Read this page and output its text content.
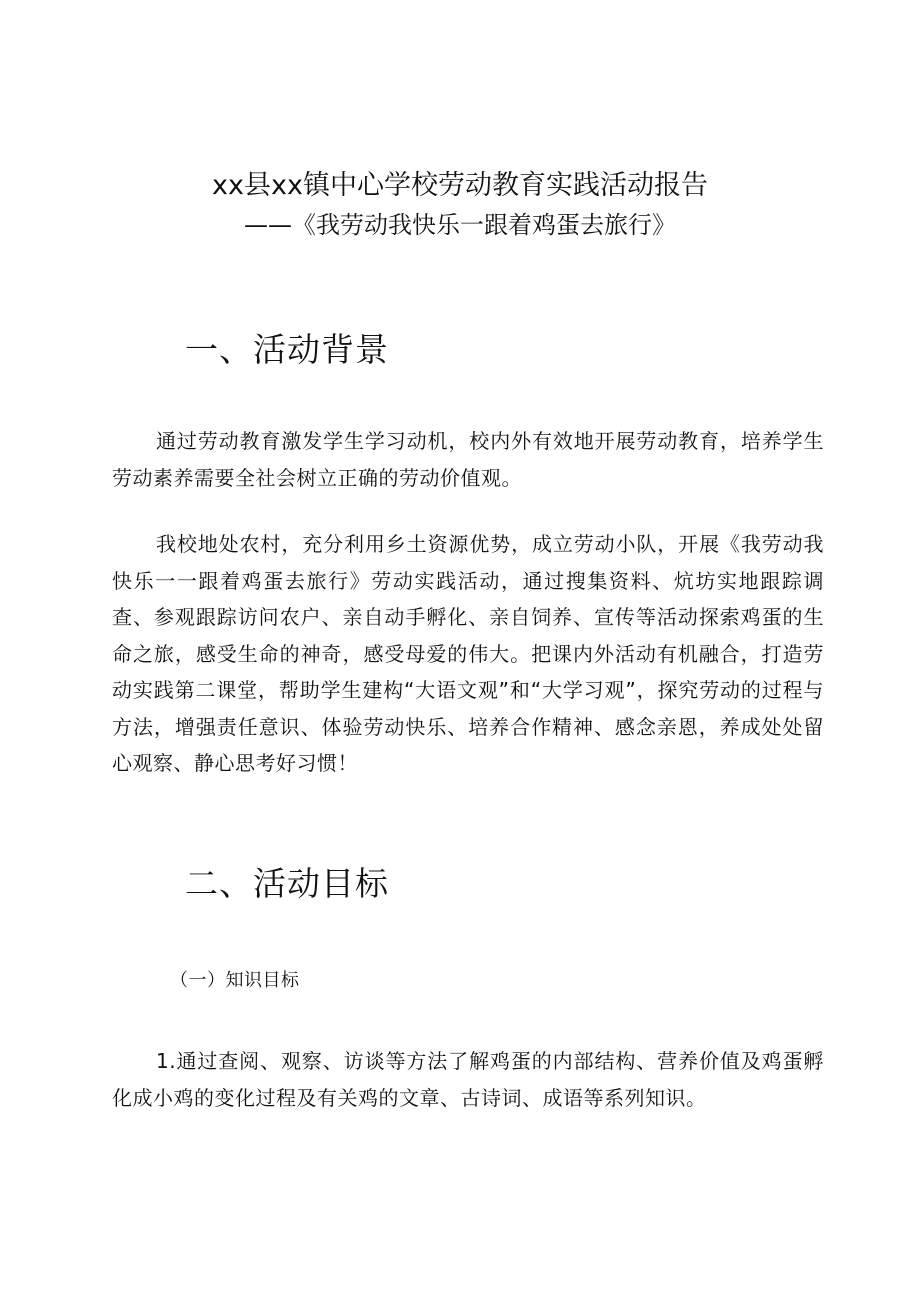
xx县xx镇中心学校劳动教育实践活动报告
——《我劳动我快乐一跟着鸡蛋去旅行》
一、活动背景

通过劳动教育激发学生学习动机，校内外有效地开展劳动教育，培养学生劳动素养需要全社会树立正确的劳动价值观。

我校地处农村，充分利用乡土资源优势，成立劳动小队，开展《我劳动我快乐一一跟着鸡蛋去旅行》劳动实践活动，通过搜集资料、炕坊实地跟踪调查、参观跟踪访问农户、亲自动手孵化、亲自饲养、宣传等活动探索鸡蛋的生命之旅，感受生命的神奇，感受母爱的伟大。把课内外活动有机融合，打造劳动实践第二课堂，帮助学生建构“大语文观”和“大学习观”，探究劳动的过程与方法，增强责任意识、体验劳动快乐、培养合作精神、感念亲恩，养成处处留心观察、静心思考好习惯！

二、活动目标
（一）知识目标

1.通过查阅、观察、访谈等方法了解鸡蛋的内部结构、营养价值及鸡蛋孵化成小鸡的变化过程及有关鸡的文章、古诗词、成语等系列知识。
